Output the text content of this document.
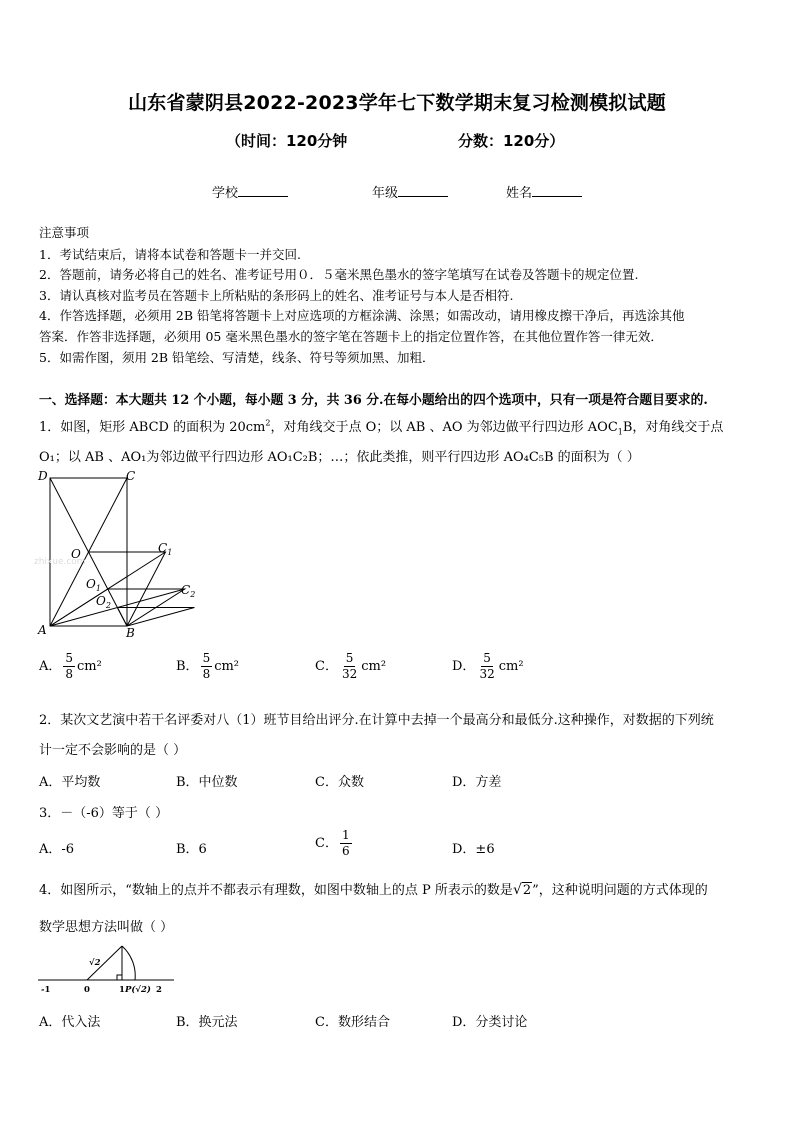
山东省蒙阴县2022-2023学年七下数学期末复习检测模拟试题
（时间：120分钟	分数：120分）
学校	年级	姓名
注意事项
1．考试结束后，请将本试卷和答题卡一并交回.
2．答题前，请务必将自己的姓名、准考证号用０．５毫米黑色墨水的签字笔填写在试卷及答题卡的规定位置.
3．请认真核对监考员在答题卡上所粘贴的条形码上的姓名、准考证号与本人是否相符.
4．作答选择题，必须用 2B 铅笔将答题卡上对应选项的方框涂满、涂黑；如需改动，请用橡皮擦干净后，再选涂其他
答案．作答非选择题，必须用 05 毫米黑色墨水的签字笔在答题卡上的指定位置作答，在其他位置作答一律无效．
5．如需作图，须用 2B 铅笔绘、写清楚，线条、符号等须加黑、加粗．
一、选择题：本大题共 12 个小题，每小题 3 分，共 36 分.在每小题给出的四个选项中，只有一项是符合题目要求的.
1．如图，矩形 ABCD 的面积为 $20cm^2$，对角线交于点 O；以 AB 、AO 为邻边做平行四边形 $AOC_1B$，对角线交于点
O₁；以 AB 、AO₁为邻边做平行四边形 AO₁C₂B；…；依此类推，则平行四边形 AO₄C₅B 的面积为（ ）
D	C
O	$C_1$
$O_1$	$C_2$
$O_2$
A	B
zhixue.com
A． $\frac{5}{8} cm^2$	B． $\frac{5}{8} cm^2$	C． $\frac{5}{32} cm^2$	D． $\frac{5}{32} cm^2$
2．某次文艺演中若干名评委对八（1）班节目给出评分.在计算中去掉一个最高分和最低分.这种操作，对数据的下列统
计一定不会影响的是（ ）
A．平均数	B．中位数	C．众数	D．方差
3．－（-6）等于（ ）
A．-6	B．6	C． $\frac{1}{6}$	D．±6
4．如图所示，“数轴上的点并不都表示有理数，如图中数轴上的点 P 所表示的数是√2”，这种说明问题的方式体现的
数学思想方法叫做（ ）
-1	0	1 P(√2) 2
√2
A．代入法	B．换元法	C．数形结合	D．分类讨论
